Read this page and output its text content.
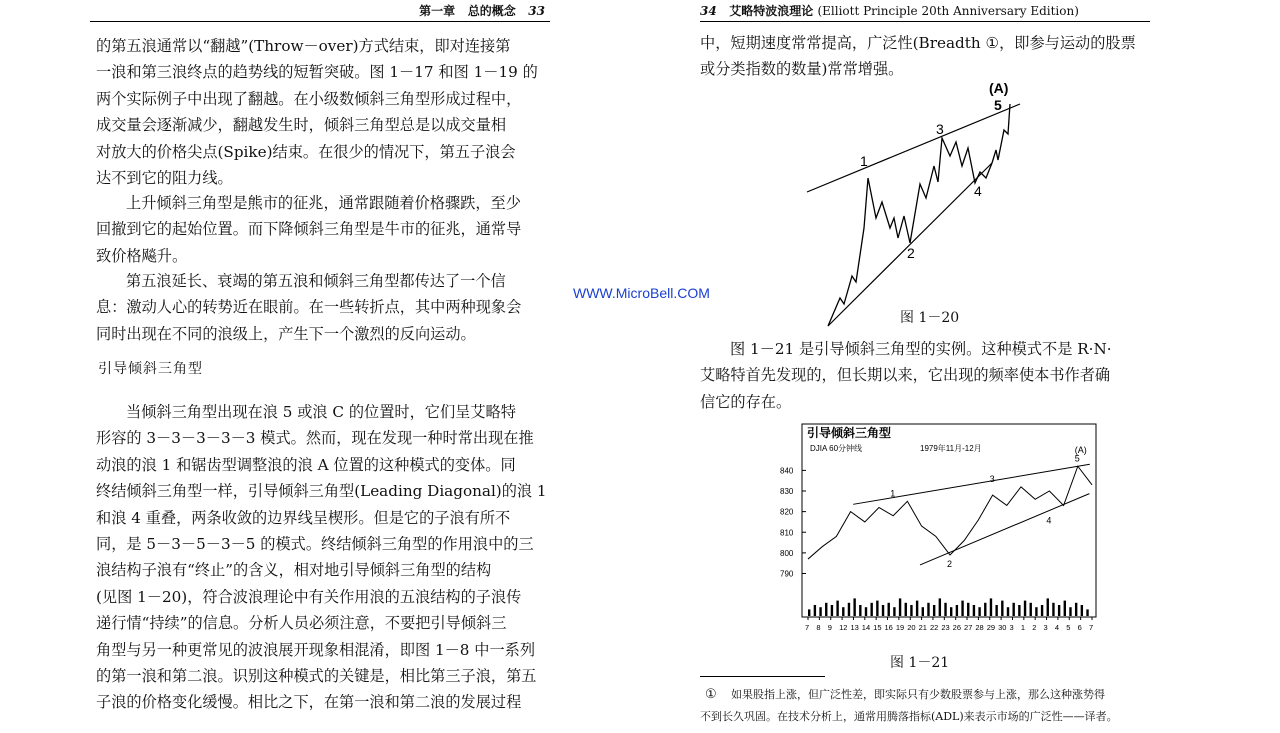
第一章 总的概念 33
的第五浪通常以“翻越”(Throw－over)方式结束，即对连接第
一浪和第三浪终点的趋势线的短暂突破。图 1－17 和图 1－19 的
两个实际例子中出现了翻越。在小级数倾斜三角型形成过程中，
成交量会逐渐减少，翻越发生时，倾斜三角型总是以成交量相
对放大的价格尖点(Spike)结束。在很少的情况下，第五子浪会
达不到它的阻力线。
上升倾斜三角型是熊市的征兆，通常跟随着价格骤跌，至少
回撤到它的起始位置。而下降倾斜三角型是牛市的征兆，通常导
致价格飚升。
第五浪延长、衰竭的第五浪和倾斜三角型都传达了一个信
息：激动人心的转势近在眼前。在一些转折点，其中两种现象会
同时出现在不同的浪级上，产生下一个激烈的反向运动。
引导倾斜三角型
当倾斜三角型出现在浪 5 或浪 C 的位置时，它们呈艾略特
形容的 3－3－3－3－3 模式。然而，现在发现一种时常出现在推
动浪的浪 1 和锯齿型调整浪的浪 A 位置的这种模式的变体。同
终结倾斜三角型一样，引导倾斜三角型(Leading Diagonal)的浪 1
和浪 4 重叠，两条收敛的边界线呈楔形。但是它的子浪有所不
同，是 5－3－5－3－5 的模式。终结倾斜三角型的作用浪中的三
浪结构子浪有“终止”的含义，相对地引导倾斜三角型的结构
(见图 1－20)，符合波浪理论中有关作用浪的五浪结构的子浪传
递行情“持续”的信息。分析人员必须注意，不要把引导倾斜三
角型与另一种更常见的波浪展开现象相混淆，即图 1－8 中一系列
的第一浪和第二浪。识别这种模式的关键是，相比第三子浪，第五
子浪的价格变化缓慢。相比之下，在第一浪和第二浪的发展过程
WWW.MicroBell.COM
34 艾略特波浪理论 (Elliott Principle 20th Anniversary Edition)
中，短期速度常常提高，广泛性(Breadth ①，即参与运动的股票
或分类指数的数量)常常增强。
1
2
3
4
5
(A)
图 1－20
图 1－21 是引导倾斜三角型的实例。这种模式不是 R·N·
艾略特首先发现的，但长期以来，它出现的频率使本书作者确
信它的存在。
引导倾斜三角型
DJIA 60分钟线	1979年11月-12月
790
800
810
820
830
840
7 8 9 12 13 14 15 16 19 20 21 22 23 26 27 28 29 30 3 1 2 3 4 5 6 7
1
2
3
4
5
(A)
图 1－21
① 如果股指上涨，但广泛性差，即实际只有少数股票参与上涨，那么这种涨势得
不到长久巩固。在技术分析上，通常用腾落指标(ADL)来表示市场的广泛性——译者。
